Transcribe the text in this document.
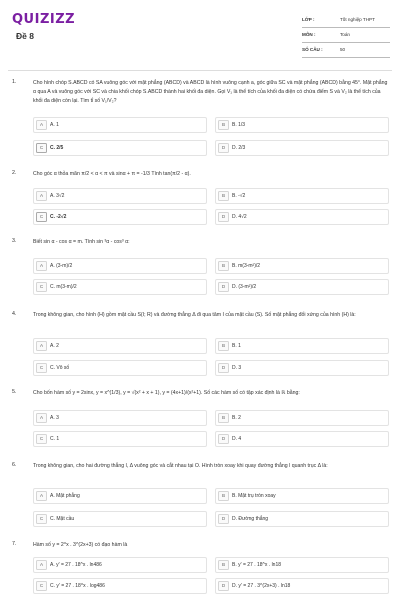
QUIZIZZ
Đề 8
LỚP :	Tốt nghiệp THPT
MÔN :	Toán
SỐ CÂU :	50
1.	Cho hình chóp S.ABCD có SA vuông góc với mặt phẳng (ABCD) và ABCD là hình vuông cạnh a, góc giữa SC và mặt phẳng (ABCD) bằng 45°. Mặt phẳng α qua A và vuông góc với SC và chia khối chóp S.ABCD thành hai khối đa diện. Gọi V₁ là thể tích của khối đa diện có chứa điểm S và V₂ là thể tích của khối đa diện còn lại. Tìm tỉ số V₁/V₂?
A	A. 1	B	B. 1/3
C	C. 2/5	D	D. 2/3
2.	Cho góc α thỏa mãn π/2 < α < π và sinα + π = -1/3 Tính tan(π/2 - α).
A	A. 3√2	B	B. -√2
C	C. -2√2	D	D. 4√2
3.	Biết sin α - cos α = m. Tính sin ³α - cos³ α:
A	A. (3-m)/2	B	B. m(3-m²)/2
C	C. m(3-m)/2	D	D. (3-m²)/2
4.	Trong không gian, cho hình (H) gồm mặt cầu S(I; R) và đường thẳng Δ đi qua tâm I của mặt cầu (S). Số mặt phẳng đối xứng của hình (H) là:
A	A. 2	B	B. 1
C	C. Vô số	D	D. 3
5.	Cho bốn hàm số y = 2sinx, y = x^(1/3), y = √(x² + x + 1), y = (4x+1)/(x²+1). Số các hàm số có tập xác định là ℝ bằng:
A	A. 3	B	B. 2
C	C. 1	D	D. 4
6.	Trong không gian, cho hai đường thẳng l, Δ vuông góc và cắt nhau tại O. Hình tròn xoay khi quay đường thẳng l quanh trục Δ là:
A	A. Mặt phẳng	B	B. Mặt trụ tròn xoay
C	C. Mặt cầu	D	D. Đường thẳng
7.	Hàm số y = 2^x . 3^(2x+3) có đạo hàm là
A	A. y' = 27 . 18^x . ln486	B	B. y' = 27 . 18^x . ln18
C	C. y' = 27 . 18^x . log486	D	D. y' = 27 . 3^(2x+3) . ln18
